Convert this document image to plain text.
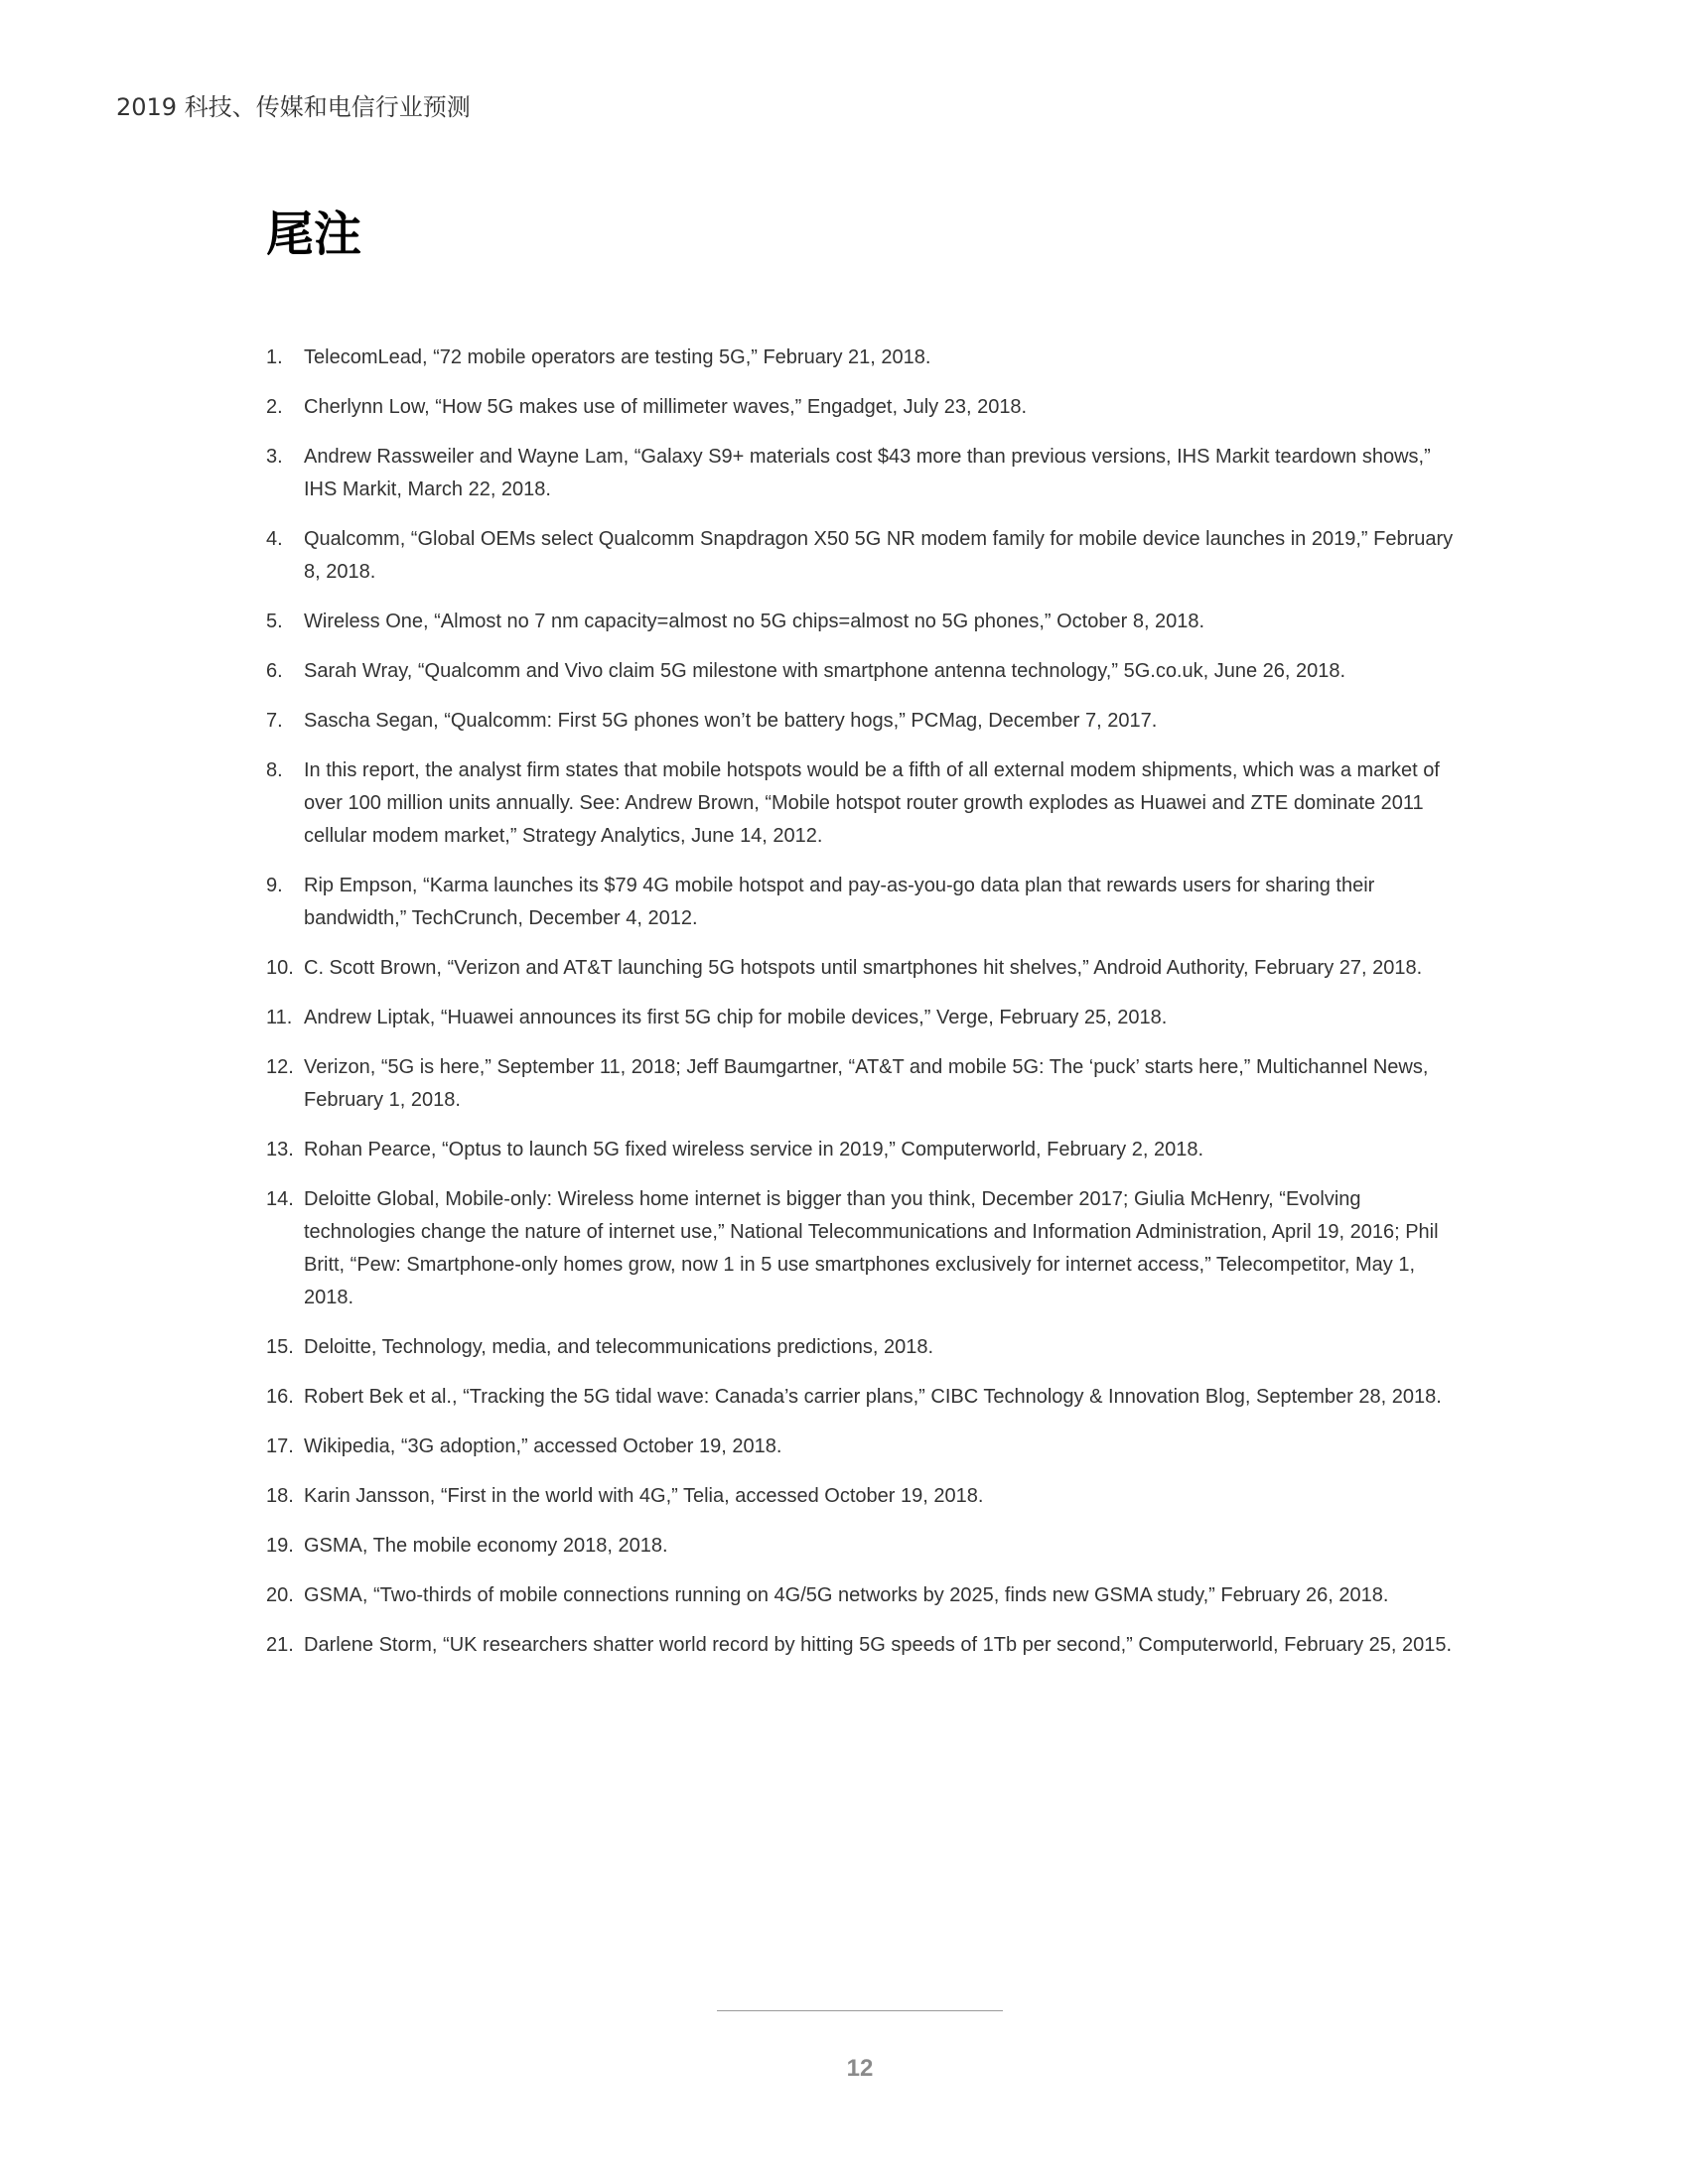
2019 科技、传媒和电信行业预测
尾注
1.	TelecomLead, “72 mobile operators are testing 5G,” February 21, 2018.
2.	Cherlynn Low, “How 5G makes use of millimeter waves,” Engadget, July 23, 2018.
3.	Andrew Rassweiler and Wayne Lam, “Galaxy S9+ materials cost $43 more than previous versions, IHS Markit teardown shows,” IHS Markit, March 22, 2018.
4.	Qualcomm, “Global OEMs select Qualcomm Snapdragon X50 5G NR modem family for mobile device launches in 2019,” February 8, 2018.
5.	Wireless One, “Almost no 7 nm capacity=almost no 5G chips=almost no 5G phones,” October 8, 2018.
6.	Sarah Wray, “Qualcomm and Vivo claim 5G milestone with smartphone antenna technology,” 5G.co.uk, June 26, 2018.
7.	Sascha Segan, “Qualcomm: First 5G phones won’t be battery hogs,” PCMag, December 7, 2017.
8.	In this report, the analyst firm states that mobile hotspots would be a fifth of all external modem shipments, which was a market of over 100 million units annually. See: Andrew Brown, “Mobile hotspot router growth explodes as Huawei and ZTE dominate 2011 cellular modem market,” Strategy Analytics, June 14, 2012.
9.	Rip Empson, “Karma launches its $79 4G mobile hotspot and pay-as-you-go data plan that rewards users for sharing their bandwidth,” TechCrunch, December 4, 2012.
10. C. Scott Brown, “Verizon and AT&T launching 5G hotspots until smartphones hit shelves,” Android Authority, February 27, 2018.
11. Andrew Liptak, “Huawei announces its first 5G chip for mobile devices,” Verge, February 25, 2018.
12. Verizon, “5G is here,” September 11, 2018; Jeff Baumgartner, “AT&T and mobile 5G: The ‘puck’ starts here,” Multichannel News, February 1, 2018.
13. Rohan Pearce, “Optus to launch 5G fixed wireless service in 2019,” Computerworld, February 2, 2018.
14. Deloitte Global, Mobile-only: Wireless home internet is bigger than you think, December 2017; Giulia McHenry, “Evolving technologies change the nature of internet use,” National Telecommunications and Information Administration, April 19, 2016; Phil Britt, “Pew: Smartphone-only homes grow, now 1 in 5 use smartphones exclusively for internet access,” Telecompetitor, May 1, 2018.
15. Deloitte, Technology, media, and telecommunications predictions, 2018.
16. Robert Bek et al., “Tracking the 5G tidal wave: Canada’s carrier plans,” CIBC Technology & Innovation Blog, September 28, 2018.
17. Wikipedia, “3G adoption,” accessed October 19, 2018.
18. Karin Jansson, “First in the world with 4G,” Telia, accessed October 19, 2018.
19. GSMA, The mobile economy 2018, 2018.
20. GSMA, “Two-thirds of mobile connections running on 4G/5G networks by 2025, finds new GSMA study,” February 26, 2018.
21. Darlene Storm, “UK researchers shatter world record by hitting 5G speeds of 1Tb per second,” Computerworld, February 25, 2015.
12
